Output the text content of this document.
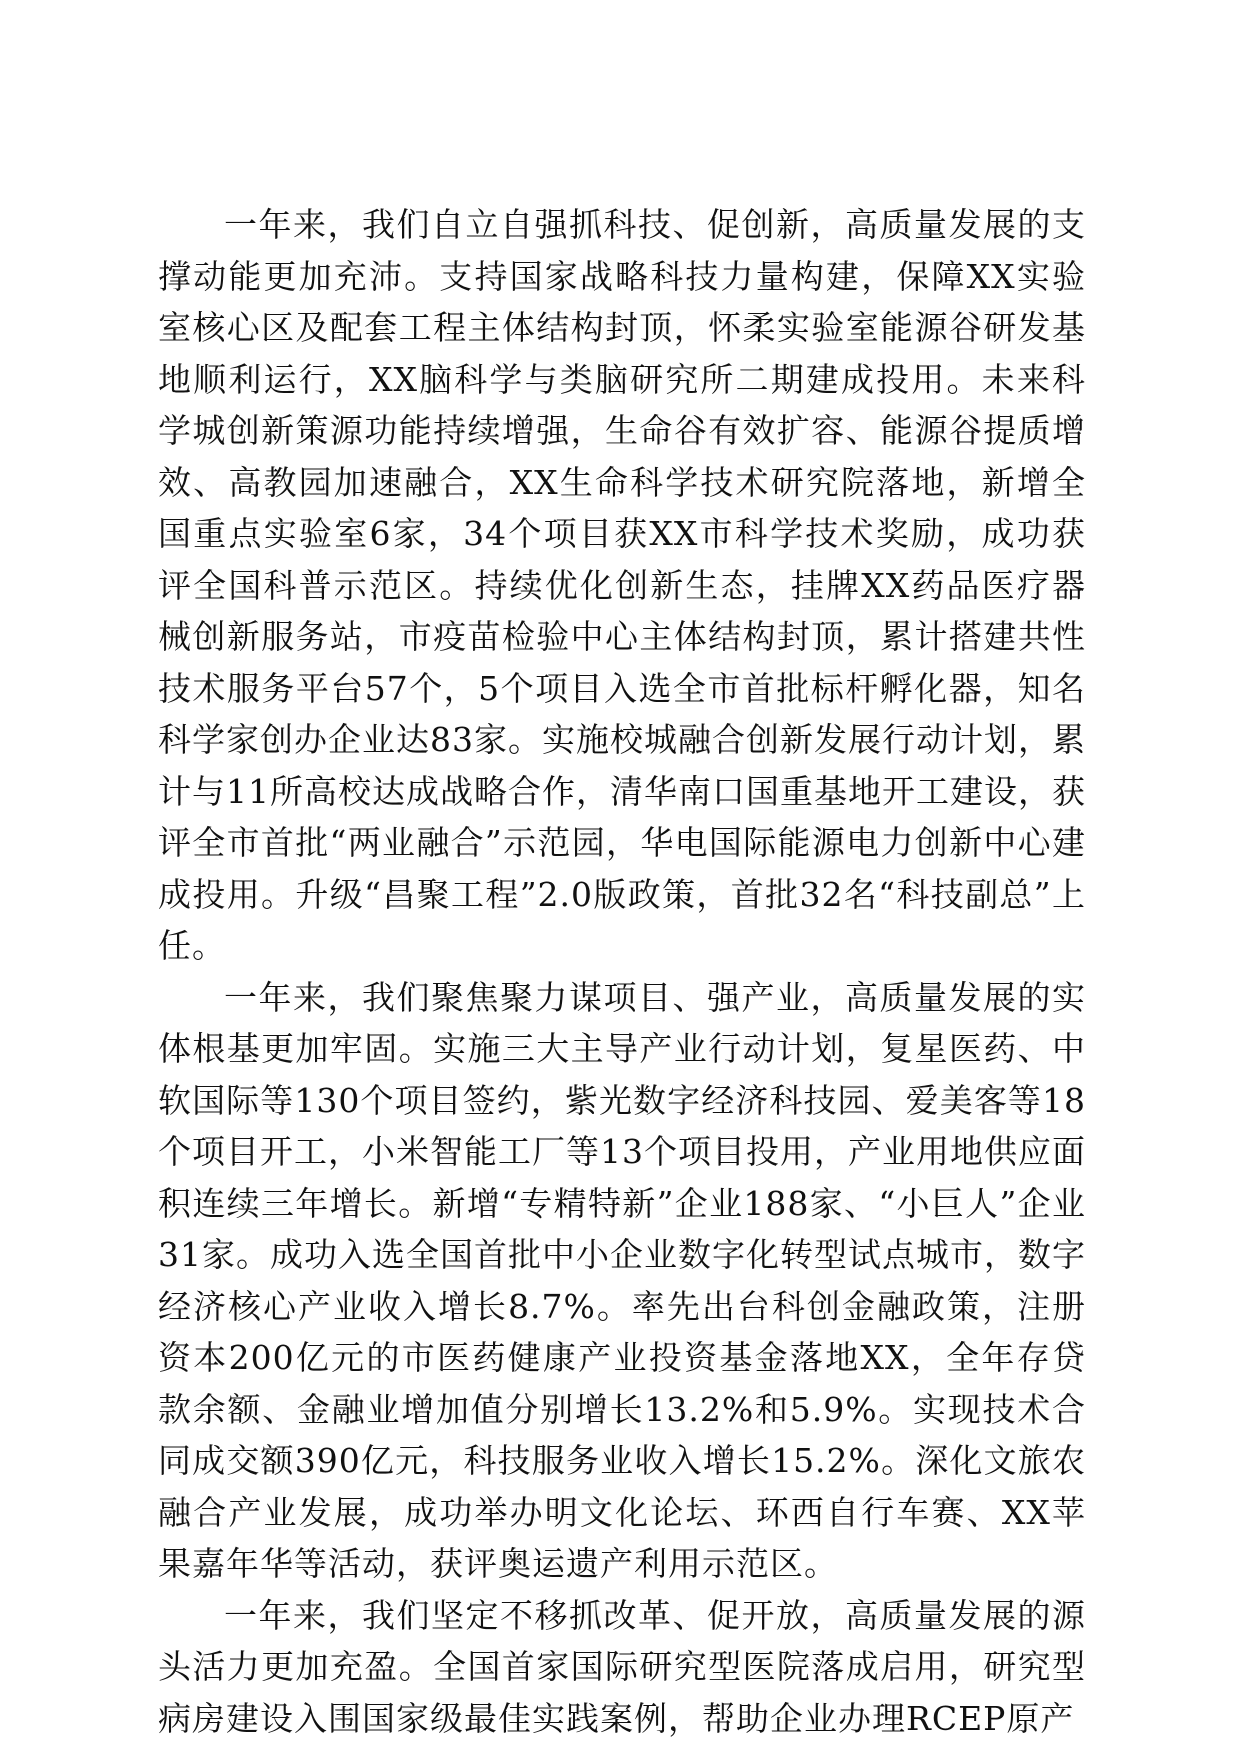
一年来，我们自立自强抓科技、促创新，高质量发展的支撑动能更加充沛。支持国家战略科技力量构建，保障XX实验室核心区及配套工程主体结构封顶，怀柔实验室能源谷研发基地顺利运行，XX脑科学与类脑研究所二期建成投用。未来科学城创新策源功能持续增强，生命谷有效扩容、能源谷提质增效、高教园加速融合，XX生命科学技术研究院落地，新增全国重点实验室6家，34个项目获XX市科学技术奖励，成功获评全国科普示范区。持续优化创新生态，挂牌XX药品医疗器械创新服务站，市疫苗检验中心主体结构封顶，累计搭建共性技术服务平台57个，5个项目入选全市首批标杆孵化器，知名科学家创办企业达83家。实施校城融合创新发展行动计划，累计与11所高校达成战略合作，清华南口国重基地开工建设，获评全市首批“两业融合”示范园，华电国际能源电力创新中心建成投用。升级“昌聚工程”2.0版政策，首批32名“科技副总”上任。

一年来，我们聚焦聚力谋项目、强产业，高质量发展的实体根基更加牢固。实施三大主导产业行动计划，复星医药、中软国际等130个项目签约，紫光数字经济科技园、爱美客等18个项目开工，小米智能工厂等13个项目投用，产业用地供应面积连续三年增长。新增“专精特新”企业188家、“小巨人”企业31家。成功入选全国首批中小企业数字化转型试点城市，数字经济核心产业收入增长8.7%。率先出台科创金融政策，注册资本200亿元的市医药健康产业投资基金落地XX，全年存贷款余额、金融业增加值分别增长13.2%和5.9%。实现技术合同成交额390亿元，科技服务业收入增长15.2%。深化文旅农融合产业发展，成功举办明文化论坛、环西自行车赛、XX苹果嘉年华等活动，获评奥运遗产利用示范区。

一年来，我们坚定不移抓改革、促开放，高质量发展的源头活力更加充盈。全国首家国际研究型医院落成启用，研究型病房建设入围国家级最佳实践案例，帮助企业办理RCEP原产
